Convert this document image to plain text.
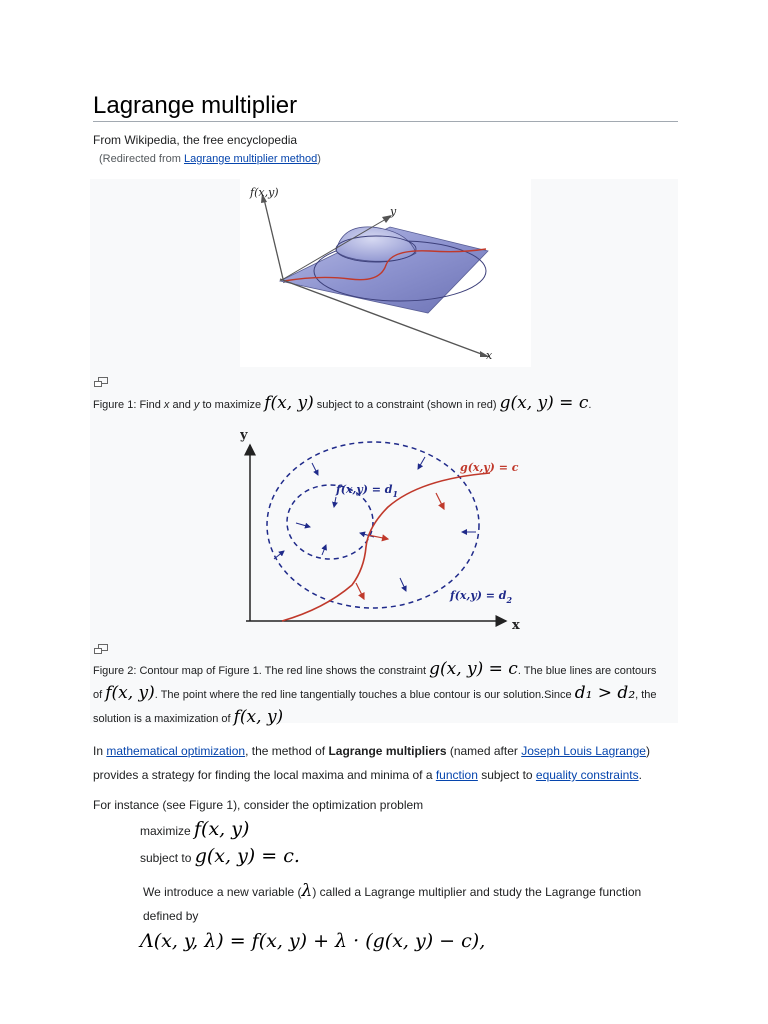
Lagrange multiplier
From Wikipedia, the free encyclopedia
(Redirected from Lagrange multiplier method)
f(x,y)
y
x
Figure 1: Find x and y to maximize f(x, y) subject to a constraint (shown in red) g(x, y) = c.
y
x
g(x,y) = c
$f(x,y) = d_1$
$f(x,y) = d_2$
Figure 2: Contour map of Figure 1. The red line shows the constraint g(x, y) = c. The blue lines are contours
of f(x, y). The point where the red line tangentially touches a blue contour is our solution.Since d₁ > d₂, the
solution is a maximization of f(x, y)
In mathematical optimization, the method of Lagrange multipliers (named after Joseph Louis Lagrange)
provides a strategy for finding the local maxima and minima of a function subject to equality constraints.
For instance (see Figure 1), consider the optimization problem
maximize f(x, y)
subject to g(x, y) = c.
We introduce a new variable (λ) called a Lagrange multiplier and study the Lagrange function
defined by
Λ(x, y, λ) = f(x, y) + λ · (g(x, y) − c),
